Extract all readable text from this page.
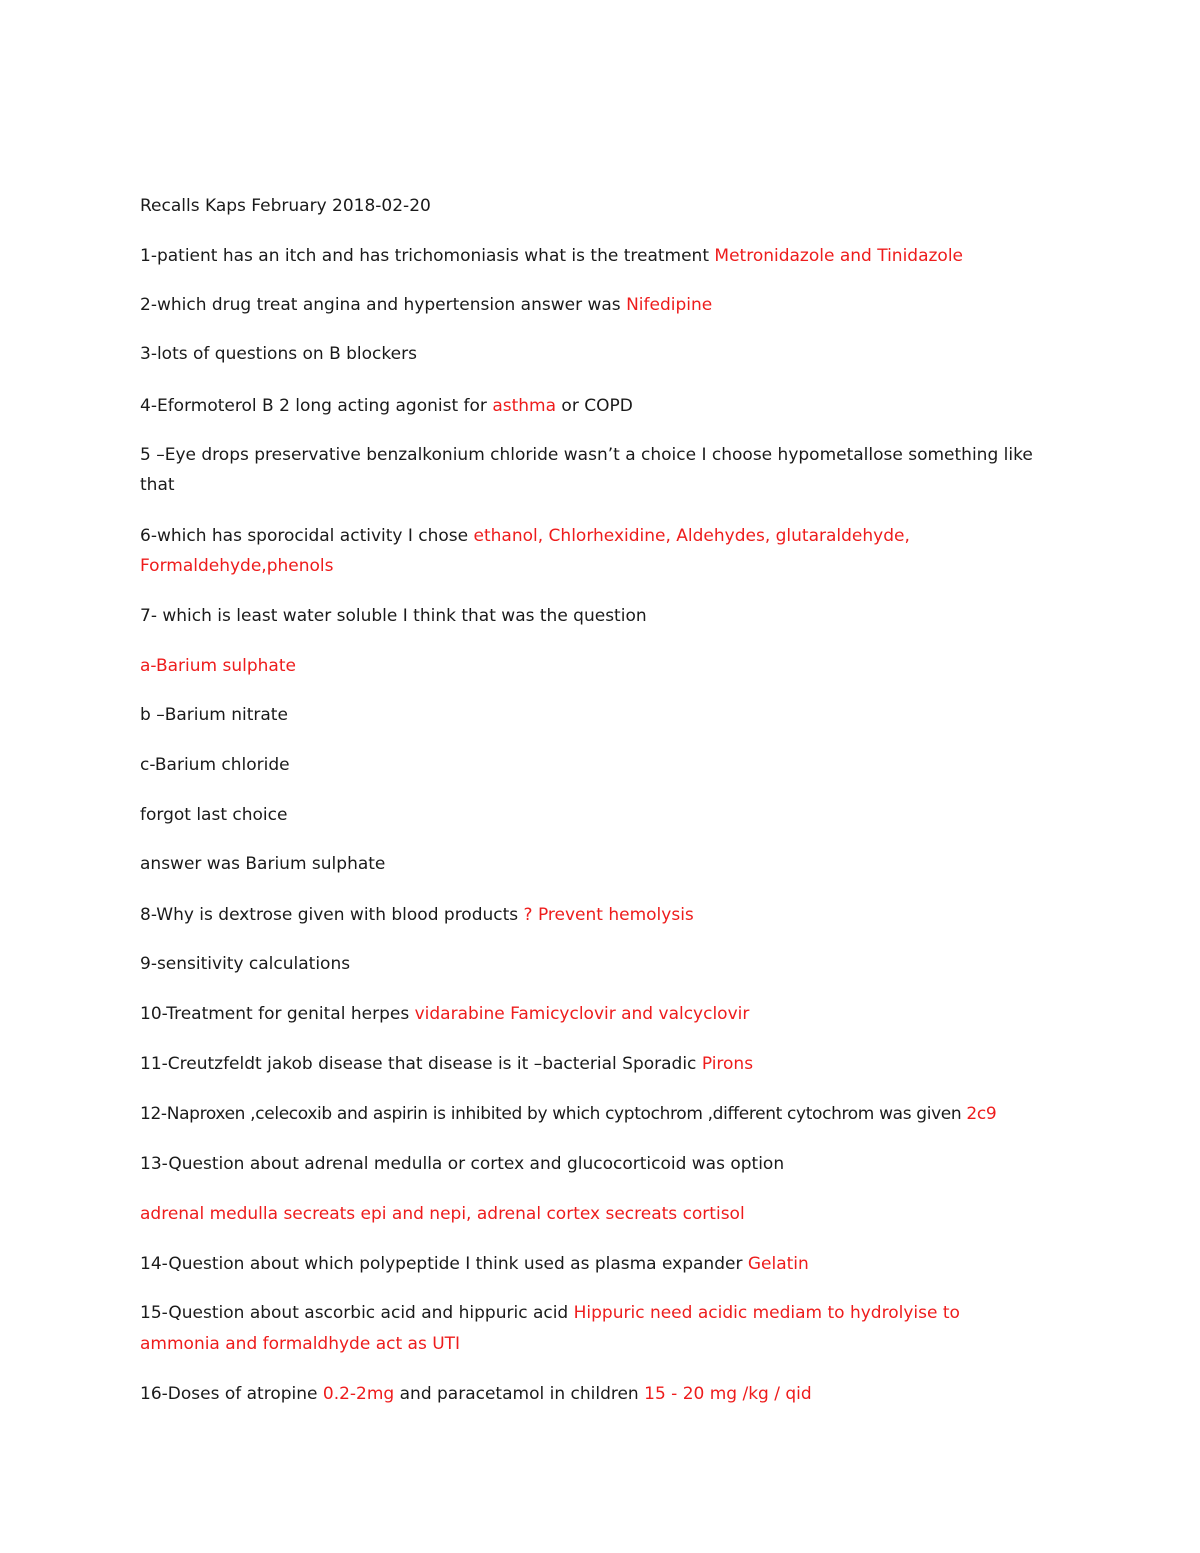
Recalls Kaps February 2018-02-20
1-patient has an itch and has trichomoniasis what is the treatment Metronidazole and Tinidazole
2-which drug treat angina and hypertension answer was Nifedipine
3-lots of questions on B blockers
4-Eformoterol B 2 long acting agonist for asthma or COPD
5 –Eye drops preservative benzalkonium chloride wasn’t a choice I choose hypometallose something like
that
6-which has sporocidal activity I chose ethanol, Chlorhexidine, Aldehydes, glutaraldehyde,
Formaldehyde,phenols
7- which is least water soluble I think that was the question
a-Barium sulphate
b –Barium nitrate
c-Barium chloride
forgot last choice
answer was Barium sulphate
8-Why is dextrose given with blood products ? Prevent hemolysis
9-sensitivity calculations
10-Treatment for genital herpes vidarabine Famicyclovir and valcyclovir
11-Creutzfeldt jakob disease that disease is it –bacterial Sporadic Pirons
12-Naproxen ,celecoxib and aspirin is inhibited by which cyptochrom ,different cytochrom was given 2c9
13-Question about adrenal medulla or cortex and glucocorticoid was option
adrenal medulla secreats epi and nepi, adrenal cortex secreats cortisol
14-Question about which polypeptide I think used as plasma expander Gelatin
15-Question about ascorbic acid and hippuric acid Hippuric need acidic mediam to hydrolyise to
ammonia and formaldhyde act as UTI
16-Doses of atropine 0.2-2mg and paracetamol in children 15 - 20 mg /kg / qid
